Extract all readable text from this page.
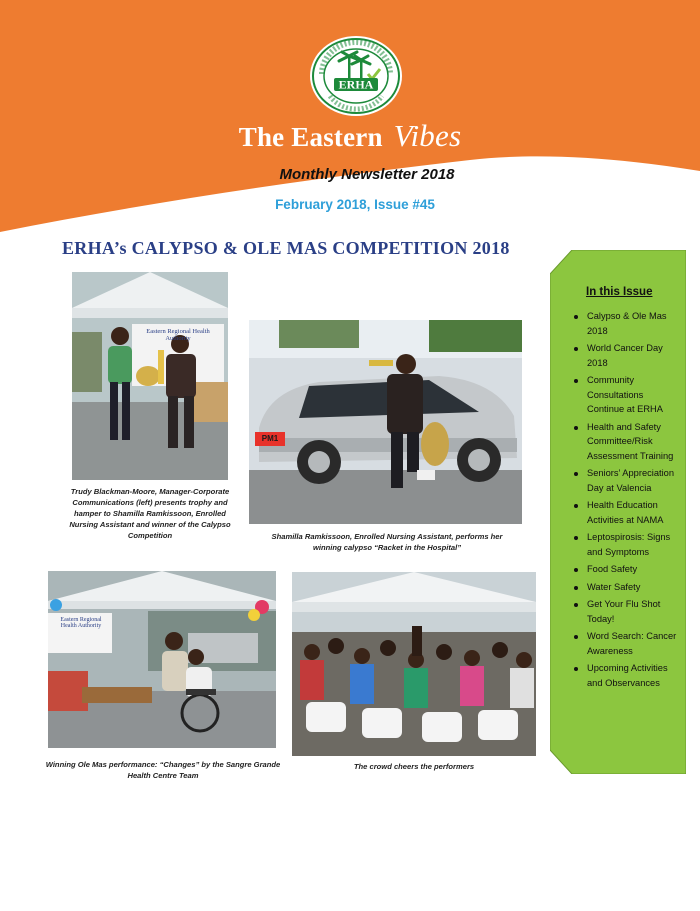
ERHA
The Eastern Vibes
Monthly Newsletter 2018
February 2018, Issue #45
ERHA’s CALYPSO & OLE MAS COMPETITION 2018
Eastern Regional Health Authority
Trudy Blackman-Moore, Manager-Corporate Communications (left) presents trophy and hamper to Shamilla Ramkissoon, Enrolled Nursing Assistant and winner of the Calypso Competition
PM1
Shamilla Ramkissoon, Enrolled Nursing Assistant, performs her winning calypso “Racket in the Hospital”
Eastern Regional Health Authority
Winning Ole Mas performance: “Changes” by the Sangre Grande Health Centre Team
The crowd cheers the performers
In this Issue
Calypso & Ole Mas 2018
World Cancer Day 2018
Community Consultations Continue at ERHA
Health and Safety Committee/Risk Assessment Training
Seniors’ Appreciation Day at Valencia
Health Education Activities at NAMA
Leptospirosis: Signs and Symptoms
Food Safety
Water Safety
Get Your Flu Shot Today!
Word Search: Cancer Awareness
Upcoming Activities and Observances
